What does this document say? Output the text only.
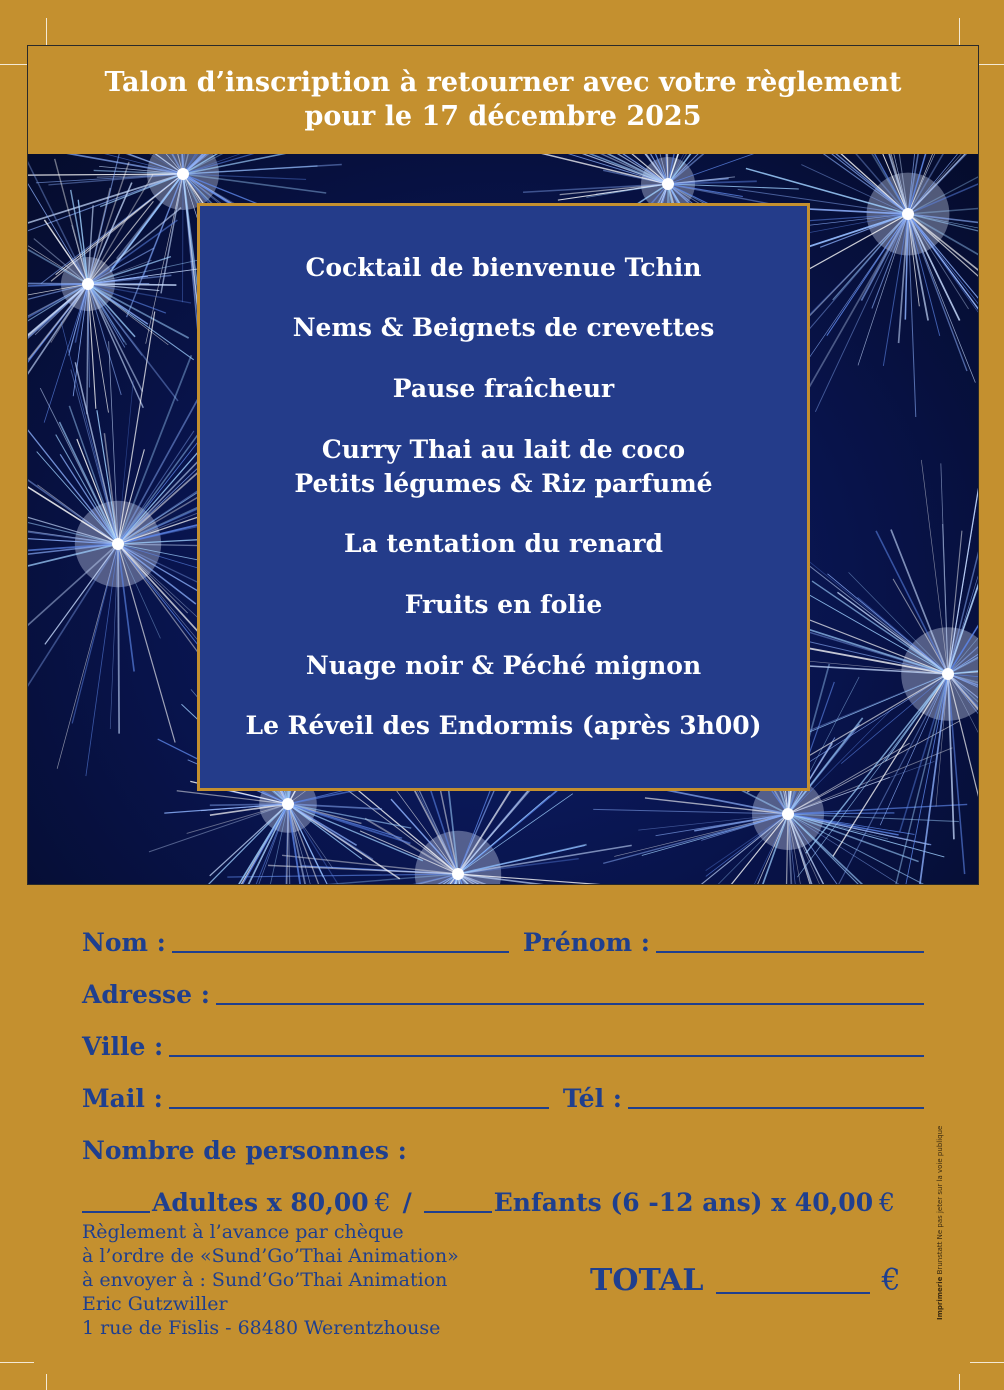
Talon d’inscription à retourner avec votre règlement
pour le 17 décembre 2025
Cocktail de bienvenue Tchin
Nems & Beignets de crevettes
Pause fraîcheur
Curry Thai au lait de coco
Petits légumes & Riz parfumé
La tentation du renard
Fruits en folie
Nuage noir & Péché mignon
Le Réveil des Endormis (après 3h00)
Nom :	Prénom :
Adresse :
Ville :
Mail :	Tél :
Nombre de personnes :
Adultes x 80,00 € /	Enfants (6 -12 ans) x 40,00 €
Règlement à l’avance par chèque
à l’ordre de «Sund’Go’Thai Animation»
à envoyer à : Sund’Go’Thai Animation
Eric Gutzwiller
1 rue de Fislis - 68480 Werentzhouse
TOTAL	€	Imprimerie Brunstatt Ne pas jeter sur la voie publique
